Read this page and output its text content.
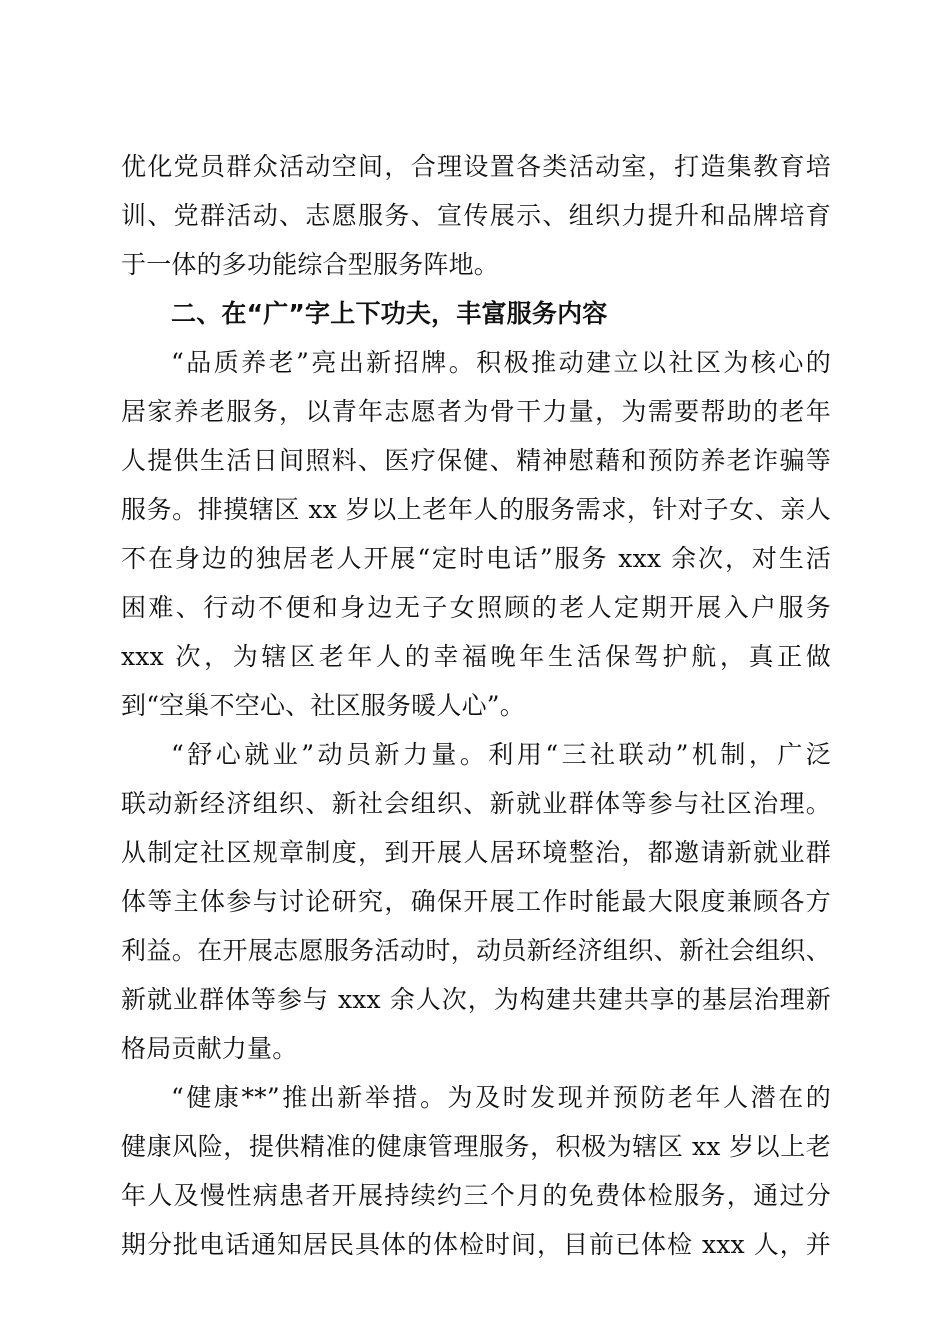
优化党员群众活动空间，合理设置各类活动室，打造集教育培
训、党群活动、志愿服务、宣传展示、组织力提升和品牌培育
于一体的多功能综合型服务阵地。
二、在“广”字上下功夫，丰富服务内容
“品质养老”亮出新招牌。积极推动建立以社区为核心的
居家养老服务，以青年志愿者为骨干力量，为需要帮助的老年
人提供生活日间照料、医疗保健、精神慰藉和预防养老诈骗等
服务。排摸辖区 xx 岁以上老年人的服务需求，针对子女、亲人
不在身边的独居老人开展“定时电话”服务 xxx 余次，对生活
困难、行动不便和身边无子女照顾的老人定期开展入户服务
xxx 次，为辖区老年人的幸福晚年生活保驾护航，真正做
到“空巢不空心、社区服务暖人心”。
“舒心就业”动员新力量。利用“三社联动”机制，广泛
联动新经济组织、新社会组织、新就业群体等参与社区治理。
从制定社区规章制度，到开展人居环境整治，都邀请新就业群
体等主体参与讨论研究，确保开展工作时能最大限度兼顾各方
利益。在开展志愿服务活动时，动员新经济组织、新社会组织、
新就业群体等参与 xxx 余人次，为构建共建共享的基层治理新
格局贡献力量。
“健康**”推出新举措。为及时发现并预防老年人潜在的
健康风险，提供精准的健康管理服务，积极为辖区 xx 岁以上老
年人及慢性病患者开展持续约三个月的免费体检服务，通过分
期分批电话通知居民具体的体检时间，目前已体检 xxx 人，并
